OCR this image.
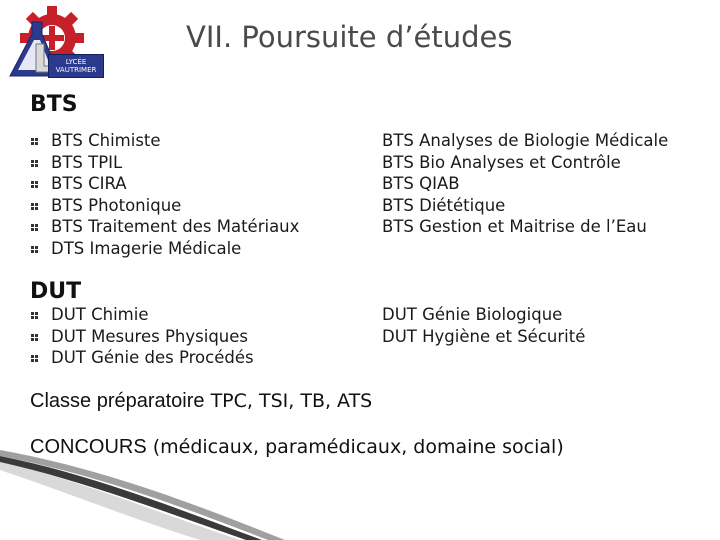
LYCÉE
VAUTRIMER
VII. Poursuite d’études
BTS
BTS Chimiste
BTS TPIL
BTS CIRA
BTS Photonique
BTS Traitement des Matériaux
DTS Imagerie Médicale
BTS Analyses de Biologie Médicale
BTS Bio Analyses et Contrôle
BTS QIAB
BTS Diététique
BTS Gestion et Maitrise de l’Eau
DUT
DUT Chimie
DUT Mesures Physiques
DUT Génie des Procédés
DUT Génie Biologique
DUT Hygiène et Sécurité

Classe préparatoire TPC, TSI, TB, ATS

CONCOURS (médicaux, paramédicaux, domaine social)
